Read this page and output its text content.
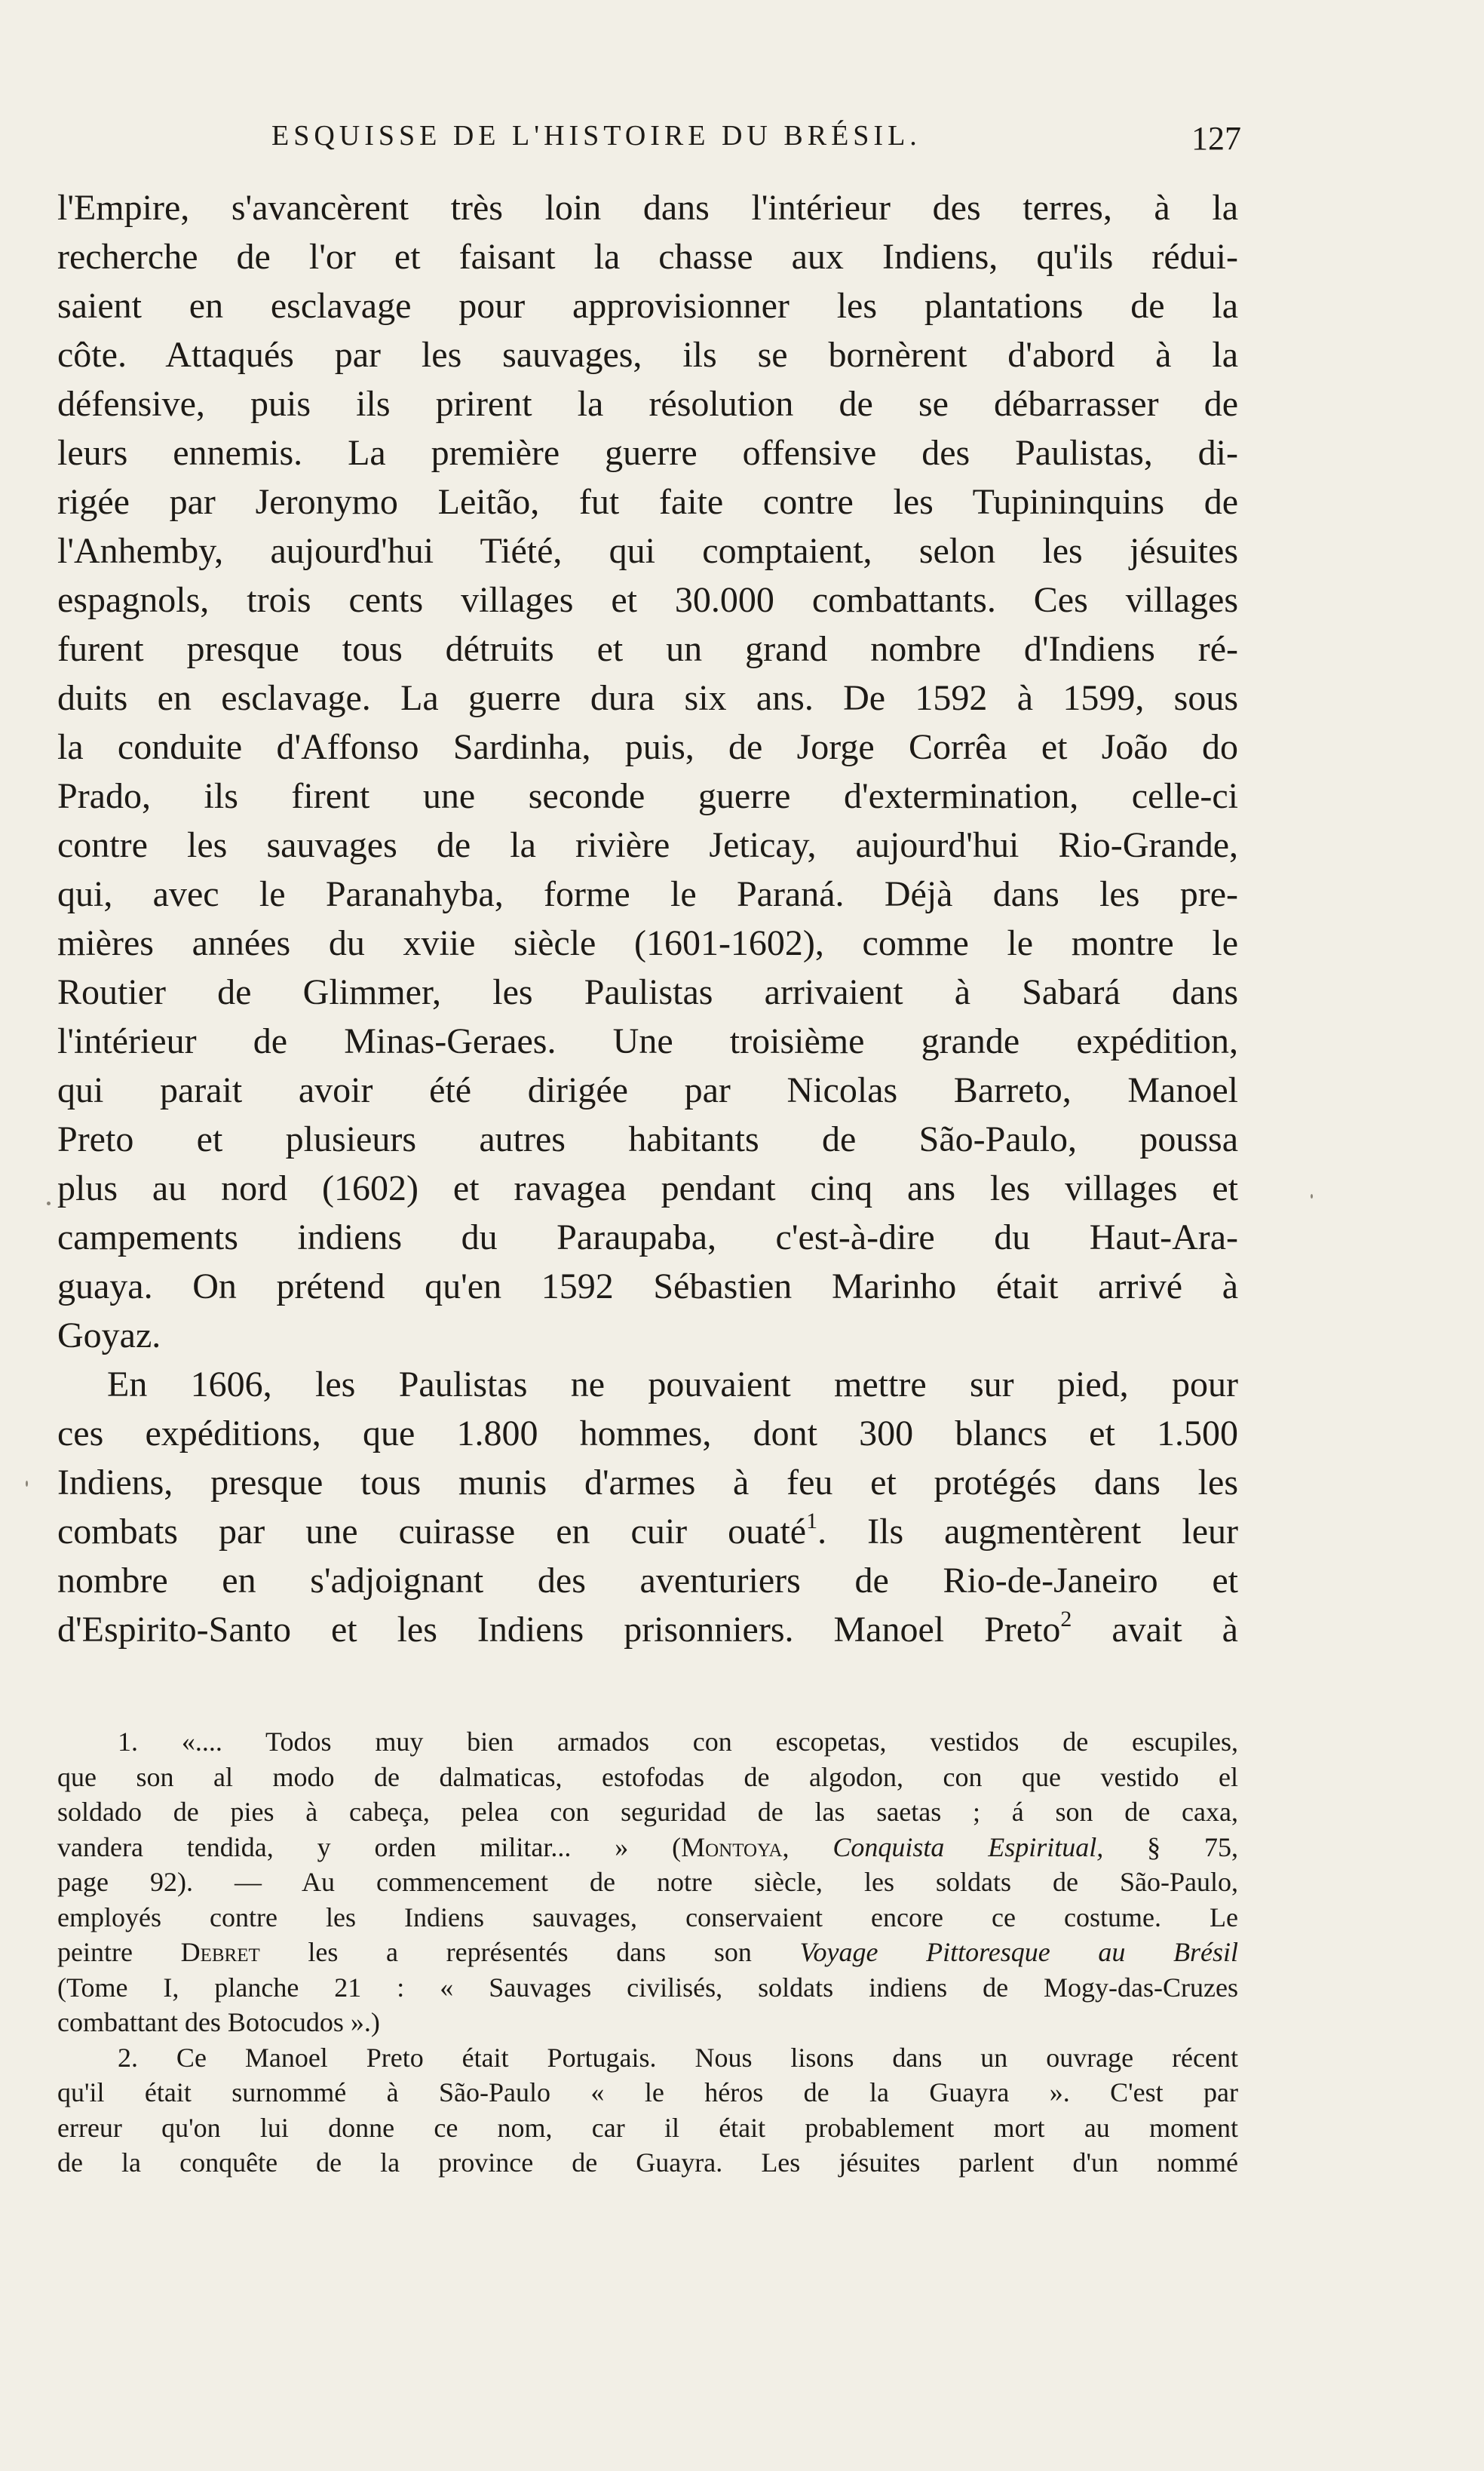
ESQUISSE DE L'HISTOIRE DU BRÉSIL.	127
l'Empire, s'avancèrent très loin dans l'intérieur des terres, à la
recherche de l'or et faisant la chasse aux Indiens, qu'ils rédui-
saient en esclavage pour approvisionner les plantations de la
côte. Attaqués par les sauvages, ils se bornèrent d'abord à la
défensive, puis ils prirent la résolution de se débarrasser de
leurs ennemis. La première guerre offensive des Paulistas, di-
rigée par Jeronymo Leitão, fut faite contre les Tupininquins de
l'Anhemby, aujourd'hui Tiété, qui comptaient, selon les jésuites
espagnols, trois cents villages et 30.000 combattants. Ces villages
furent presque tous détruits et un grand nombre d'Indiens ré-
duits en esclavage. La guerre dura six ans. De 1592 à 1599, sous
la conduite d'Affonso Sardinha, puis, de Jorge Corrêa et João do
Prado, ils firent une seconde guerre d'extermination, celle-ci
contre les sauvages de la rivière Jeticay, aujourd'hui Rio-Grande,
qui, avec le Paranahyba, forme le Paraná. Déjà dans les pre-
mières années du xviie siècle (1601-1602), comme le montre le
Routier de Glimmer, les Paulistas arrivaient à Sabará dans
l'intérieur de Minas-Geraes. Une troisième grande expédition,
qui parait avoir été dirigée par Nicolas Barreto, Manoel
Preto et plusieurs autres habitants de São-Paulo, poussa
plus au nord (1602) et ravagea pendant cinq ans les villages et
campements indiens du Paraupaba, c'est-à-dire du Haut-Ara-
guaya. On prétend qu'en 1592 Sébastien Marinho était arrivé à
Goyaz.
En 1606, les Paulistas ne pouvaient mettre sur pied, pour
ces expéditions, que 1.800 hommes, dont 300 blancs et 1.500
Indiens, presque tous munis d'armes à feu et protégés dans les
combats par une cuirasse en cuir ouaté$^1$. Ils augmentèrent leur
nombre en s'adjoignant des aventuriers de Rio-de-Janeiro et
d'Espirito-Santo et les Indiens prisonniers. Manoel Preto$^2$ avait à
1. «.... Todos muy bien armados con escopetas, vestidos de escupiles,
que son al modo de dalmaticas, estofodas de algodon, con que vestido el
soldado de pies à cabeça, pelea con seguridad de las saetas ; á son de caxa,
vandera tendida, y orden militar... » (Montoya, Conquista Espiritual, § 75,
page 92). — Au commencement de notre siècle, les soldats de São-Paulo,
employés contre les Indiens sauvages, conservaient encore ce costume. Le
peintre Debret les a représentés dans son Voyage Pittoresque au Brésil
(Tome I, planche 21 : « Sauvages civilisés, soldats indiens de Mogy-das-Cruzes
combattant des Botocudos ».)
2. Ce Manoel Preto était Portugais. Nous lisons dans un ouvrage récent
qu'il était surnommé à São-Paulo « le héros de la Guayra ». C'est par
erreur qu'on lui donne ce nom, car il était probablement mort au moment
de la conquête de la province de Guayra. Les jésuites parlent d'un nommé
